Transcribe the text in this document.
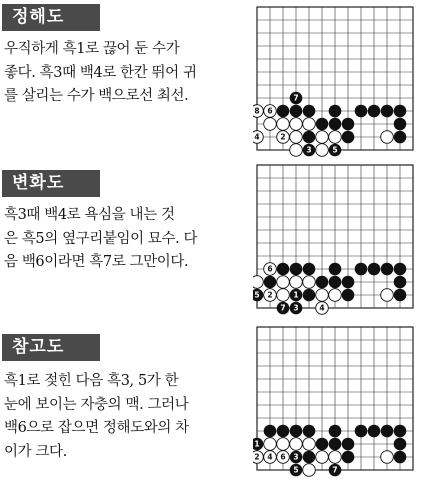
정해도
우직하게 흑1로 끊어 둔 수가
좋다. 흑3때 백4로 한칸 뛰어 귀
를 살리는 수가 백으로선 최선.	7
8 6
4	2 1
3	5
변화도
흑3때 백4로 욕심을 내는 것
은 흑5의 옆구리붙임이 묘수. 다
음 백6이라면 흑7로 그만이다.	6
5 2	1
7 3	4
참고도
흑1로 젖힌 다음 흑3, 5가 한
눈에 보이는 자충의 맥. 그러나
백6으로 잡으면 정해도와의 차
이가 크다.	1
2 4 6 3
5	7
